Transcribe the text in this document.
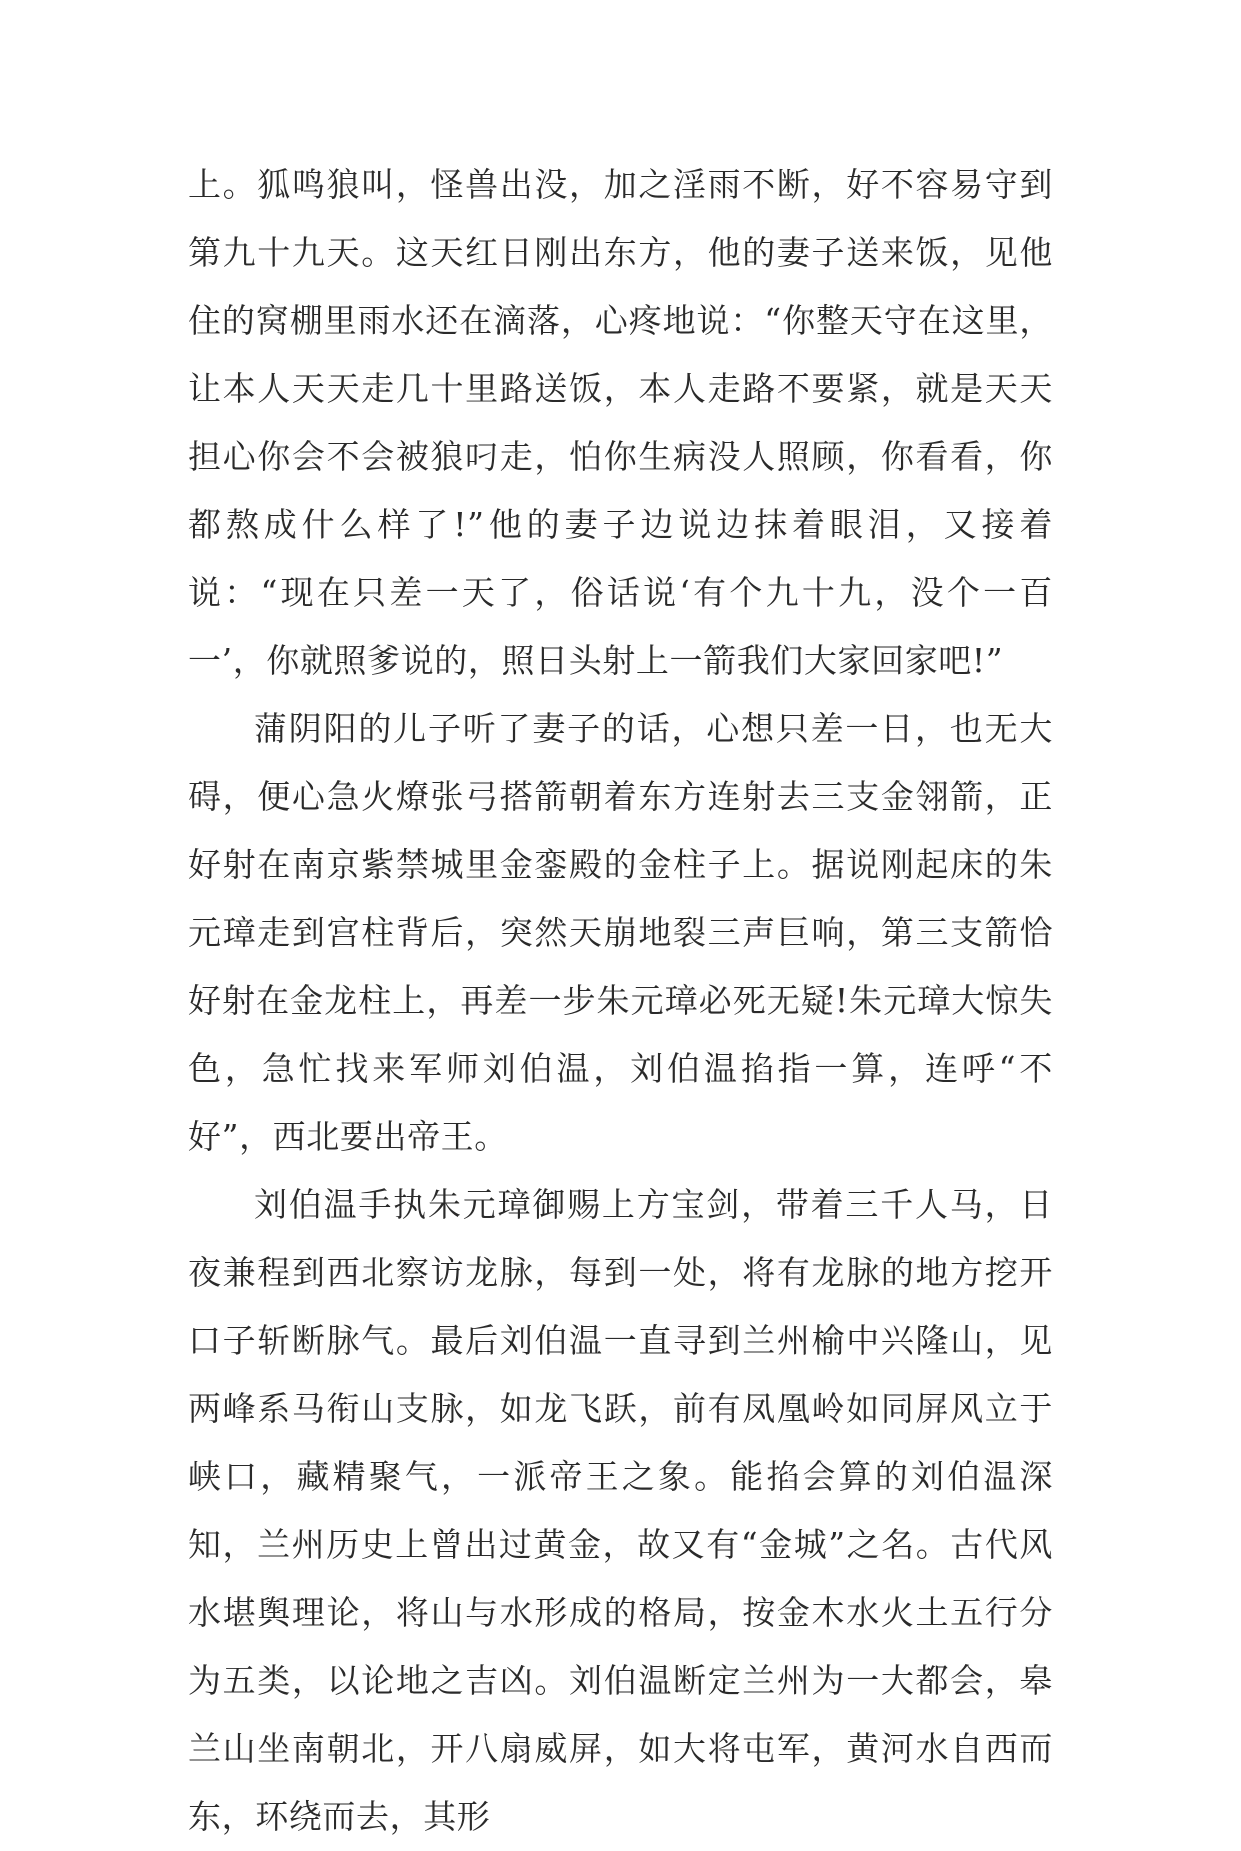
上。狐鸣狼叫，怪兽出没，加之淫雨不断，好不容易守到第九十九天。这天红日刚出东方，他的妻子送来饭，见他住的窝棚里雨水还在滴落，心疼地说：“你整天守在这里，让本人天天走几十里路送饭，本人走路不要紧，就是天天担心你会不会被狼叼走，怕你生病没人照顾，你看看，你都熬成什么样了!”他的妻子边说边抹着眼泪，又接着说：“现在只差一天了，俗话说‘有个九十九，没个一百一’，你就照爹说的，照日头射上一箭我们大家回家吧!”

蒲阴阳的儿子听了妻子的话，心想只差一日，也无大碍，便心急火燎张弓搭箭朝着东方连射去三支金翎箭，正好射在南京紫禁城里金銮殿的金柱子上。据说刚起床的朱元璋走到宫柱背后，突然天崩地裂三声巨响，第三支箭恰好射在金龙柱上，再差一步朱元璋必死无疑!朱元璋大惊失色，急忙找来军师刘伯温，刘伯温掐指一算，连呼“不好”，西北要出帝王。

刘伯温手执朱元璋御赐上方宝剑，带着三千人马，日夜兼程到西北察访龙脉，每到一处，将有龙脉的地方挖开口子斩断脉气。最后刘伯温一直寻到兰州榆中兴隆山，见两峰系马衔山支脉，如龙飞跃，前有凤凰岭如同屏风立于峡口，藏精聚气，一派帝王之象。能掐会算的刘伯温深知，兰州历史上曾出过黄金，故又有“金城”之名。古代风水堪舆理论，将山与水形成的格局，按金木水火土五行分为五类，以论地之吉凶。刘伯温断定兰州为一大都会，皋兰山坐南朝北，开八扇威屏，如大将屯军，黄河水自西而东，环绕而去，其形
